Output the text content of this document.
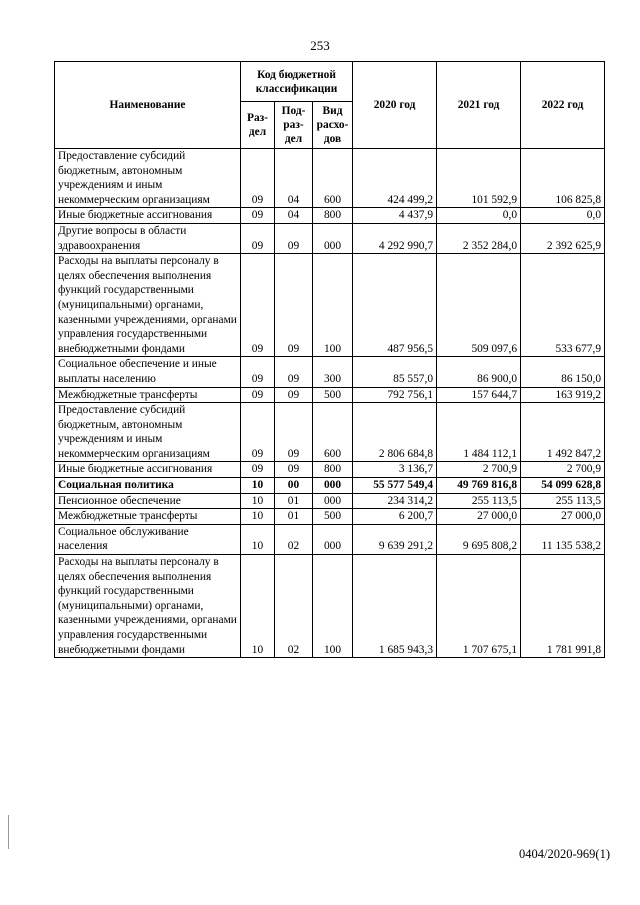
253
Наименование	Код бюджетной классификации			2020 год	2021 год	2022 год
	Раз-дел	Под-раз-дел	Вид расхо-дов			
Предоставление субсидий бюджетным, автономным учреждениям и иным некоммерческим организациям	09	04	600	424 499,2	101 592,9	106 825,8
Иные бюджетные ассигнования	09	04	800	4 437,9	0,0	0,0
Другие вопросы в области здравоохранения	09	09	000	4 292 990,7	2 352 284,0	2 392 625,9
Расходы на выплаты персоналу в целях обеспечения выполнения функций государственными (муниципальными) органами, казенными учреждениями, органами управления государственными внебюджетными фондами	09	09	100	487 956,5	509 097,6	533 677,9
Социальное обеспечение и иные выплаты населению	09	09	300	85 557,0	86 900,0	86 150,0
Межбюджетные трансферты	09	09	500	792 756,1	157 644,7	163 919,2
Предоставление субсидий бюджетным, автономным учреждениям и иным некоммерческим организациям	09	09	600	2 806 684,8	1 484 112,1	1 492 847,2
Иные бюджетные ассигнования	09	09	800	3 136,7	2 700,9	2 700,9
Социальная политика	10	00	000	55 577 549,4	49 769 816,8	54 099 628,8
Пенсионное обеспечение	10	01	000	234 314,2	255 113,5	255 113,5
Межбюджетные трансферты	10	01	500	6 200,7	27 000,0	27 000,0
Социальное обслуживание населения	10	02	000	9 639 291,2	9 695 808,2	11 135 538,2
Расходы на выплаты персоналу в целях обеспечения выполнения функций государственными (муниципальными) органами, казенными учреждениями, органами управления государственными внебюджетными фондами	10	02	100	1 685 943,3	1 707 675,1	1 781 991,8
0404/2020-969(1)
